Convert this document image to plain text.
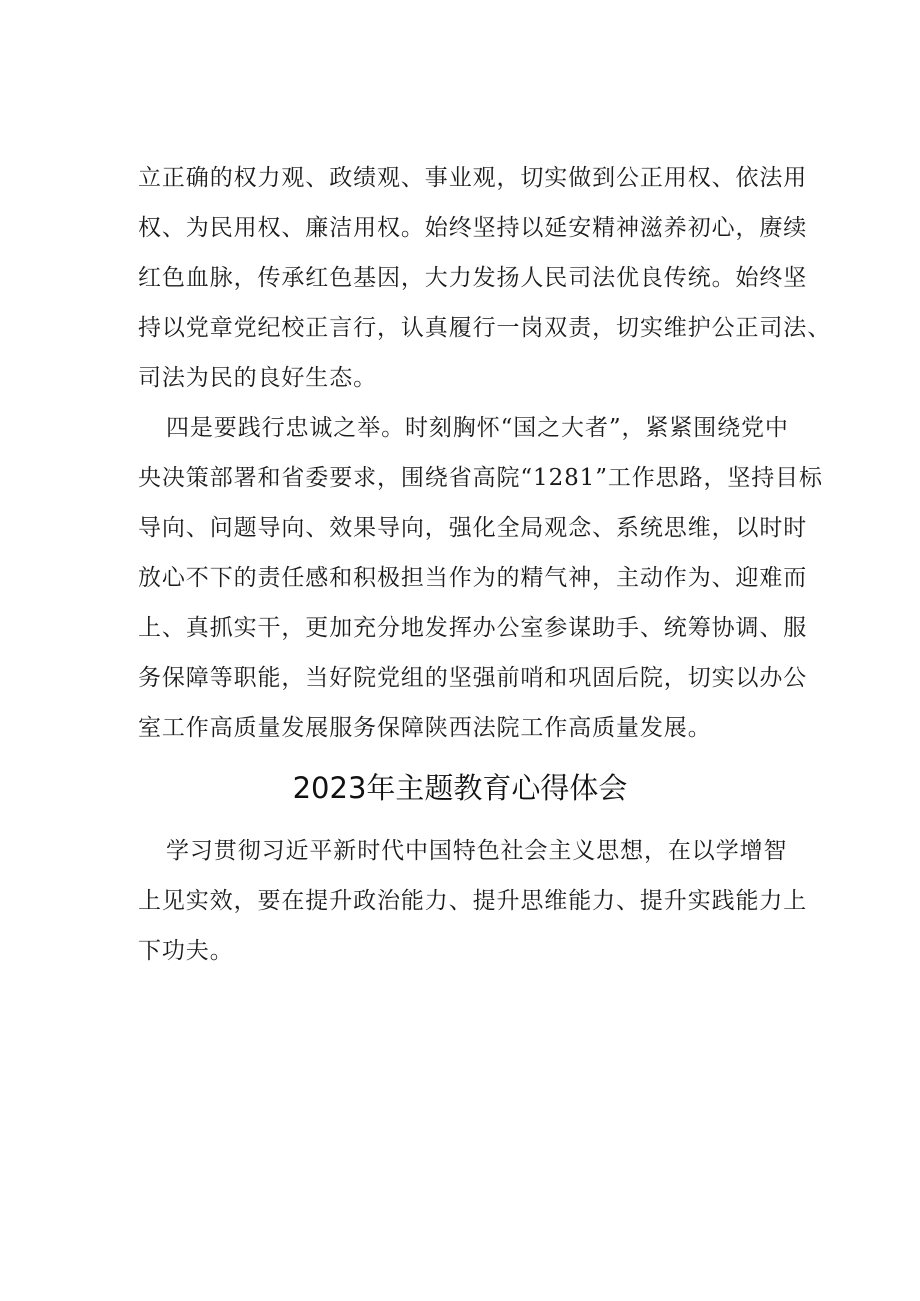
立正确的权力观、政绩观、事业观，切实做到公正用权、依法用
权、为民用权、廉洁用权。始终坚持以延安精神滋养初心，赓续
红色血脉，传承红色基因，大力发扬人民司法优良传统。始终坚
持以党章党纪校正言行，认真履行一岗双责，切实维护公正司法、
司法为民的良好生态。
四是要践行忠诚之举。时刻胸怀“国之大者”，紧紧围绕党中
央决策部署和省委要求，围绕省高院“1281”工作思路，坚持目标
导向、问题导向、效果导向，强化全局观念、系统思维，以时时
放心不下的责任感和积极担当作为的精气神，主动作为、迎难而
上、真抓实干，更加充分地发挥办公室参谋助手、统筹协调、服
务保障等职能，当好院党组的坚强前哨和巩固后院，切实以办公
室工作高质量发展服务保障陕西法院工作高质量发展。
2023年主题教育心得体会
学习贯彻习近平新时代中国特色社会主义思想，在以学增智
上见实效，要在提升政治能力、提升思维能力、提升实践能力上
下功夫。
